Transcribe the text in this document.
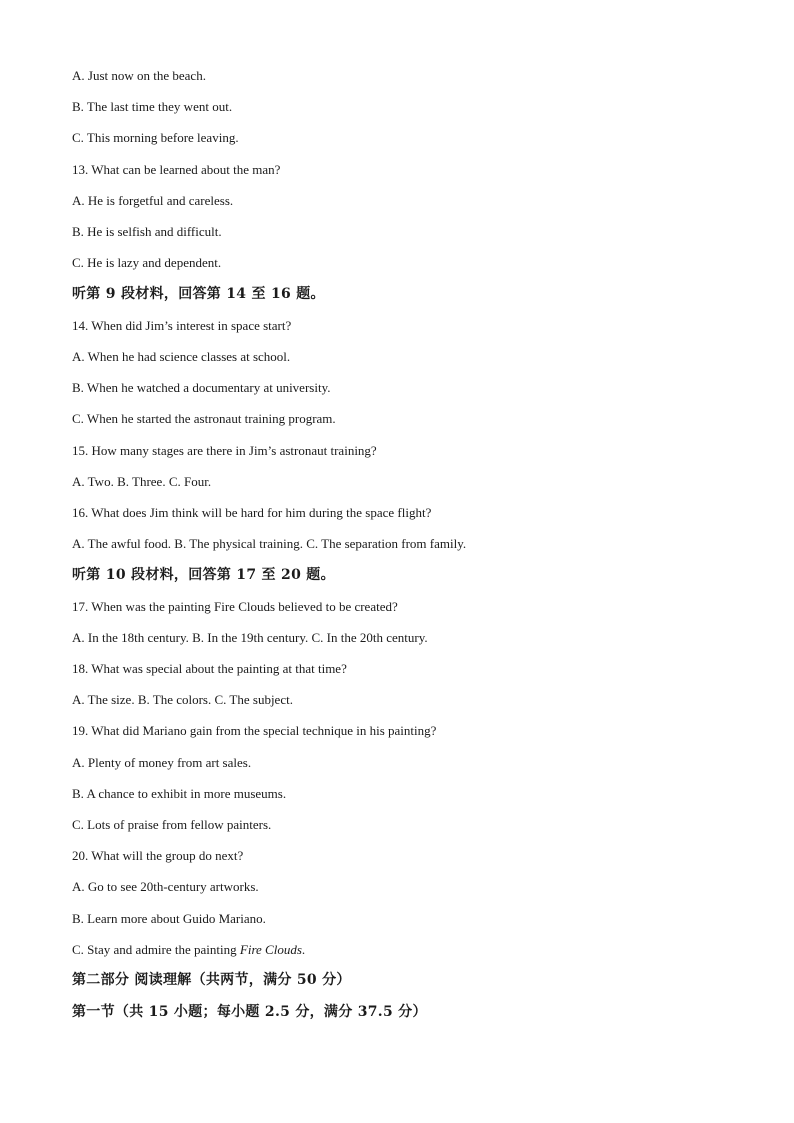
A. Just now on the beach.
B. The last time they went out.
C. This morning before leaving.
13. What can be learned about the man?
A. He is forgetful and careless.
B. He is selfish and difficult.
C. He is lazy and dependent.
听第 9 段材料，回答第 14 至 16 题。
14. When did Jim’s interest in space start?
A. When he had science classes at school.
B. When he watched a documentary at university.
C. When he started the astronaut training program.
15. How many stages are there in Jim’s astronaut training?
A. Two. B. Three. C. Four.
16. What does Jim think will be hard for him during the space flight?
A. The awful food. B. The physical training. C. The separation from family.
听第 10 段材料，回答第 17 至 20 题。
17. When was the painting Fire Clouds believed to be created?
A. In the 18th century. B. In the 19th century. C. In the 20th century.
18. What was special about the painting at that time?
A. The size. B. The colors. C. The subject.
19. What did Mariano gain from the special technique in his painting?
A. Plenty of money from art sales.
B. A chance to exhibit in more museums.
C. Lots of praise from fellow painters.
20. What will the group do next?
A. Go to see 20th-century artworks.
B. Learn more about Guido Mariano.
C. Stay and admire the painting Fire Clouds.
第二部分 阅读理解（共两节，满分 50 分）
第一节（共 15 小题；每小题 2.5 分，满分 37.5 分）
